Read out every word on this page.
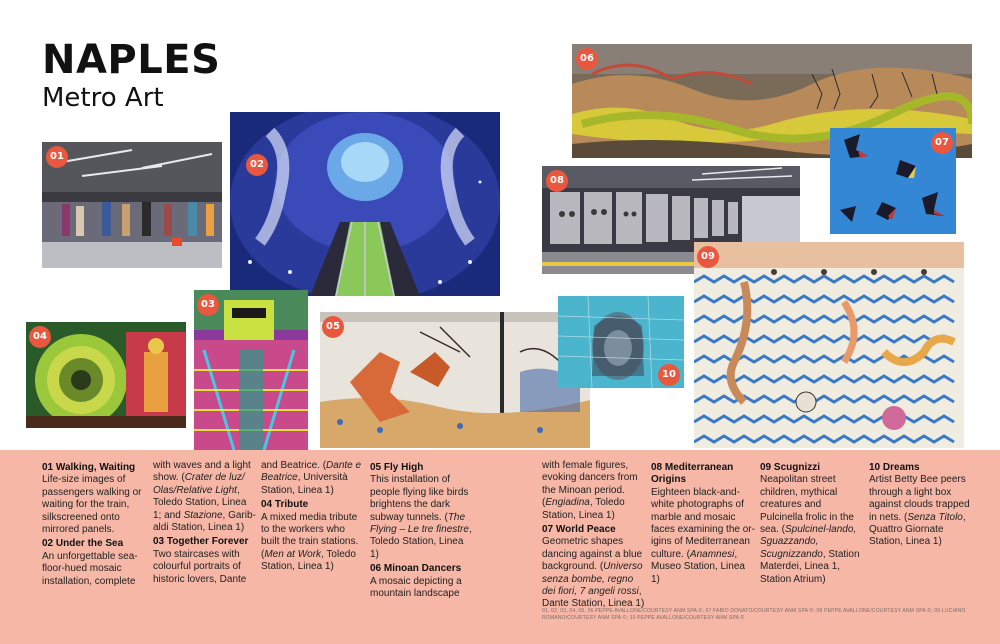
NAPLES
Metro Art
06
07
01
02
08
09
03
04
05
10
01 Walking, Waiting
Life-size images of passengers walking or waiting for the train, silkscreened onto mirrored panels.
02 Under the Sea
An unforgettable sea-floor-hued mosaic installation, complete
with waves and a light show. (Crater de luz/ Olas/Relative Light, Toledo Station, Linea 1; and Stazione, Garib-aldi Station, Linea 1)
03 Together Forever
Two staircases with colourful portraits of historic lovers, Dante
and Beatrice. (Dante e Beatrice, Università Station, Linea 1)
04 Tribute
A mixed media tribute to the workers who built the train stations. (Men at Work, Toledo Station, Linea 1)
05 Fly High
This installation of people flying like birds brightens the dark subway tunnels. (The Flying – Le tre finestre, Toledo Station, Linea 1)
06 Minoan Dancers
A mosaic depicting a mountain landscape
with female figures, evoking dancers from the Minoan period. (Engiadina, Toledo Station, Linea 1)
07 World Peace
Geometric shapes dancing against a blue background. (Universo senza bombe, regno dei fiori, 7 angeli rossi, Dante Station, Linea 1)
08 Mediterranean Origins
Eighteen black-and-white photographs of marble and mosaic faces examining the or-igins of Mediterranean culture. (Anamnesi, Museo Station, Linea 1)
09 Scugnizzi
Neapolitan street children, mythical creatures and Pulcinella frolic in the sea. (Spulcinel-lando, Sguazzando, Scugnizzando, Station Materdei, Linea 1, Station Atrium)
10 Dreams
Artist Betty Bee peers through a light box against clouds trapped in nets. (Senza Titolo, Quattro Giornate Station, Linea 1)
01, 02, 03, 04, 05, 06 PEPPE AVALLONE/COURTESY ANM SPA ©; 07 FABIO DONATO/COURTESY ANM SPA ©; 08 PEPPE AVALLONE/COURTESY ANM SPA ©; 09 LUCIANO ROMANO/COURTESY ANM SPA ©; 10 PEPPE AVALLONE/COURTESY ANM SPA ©
